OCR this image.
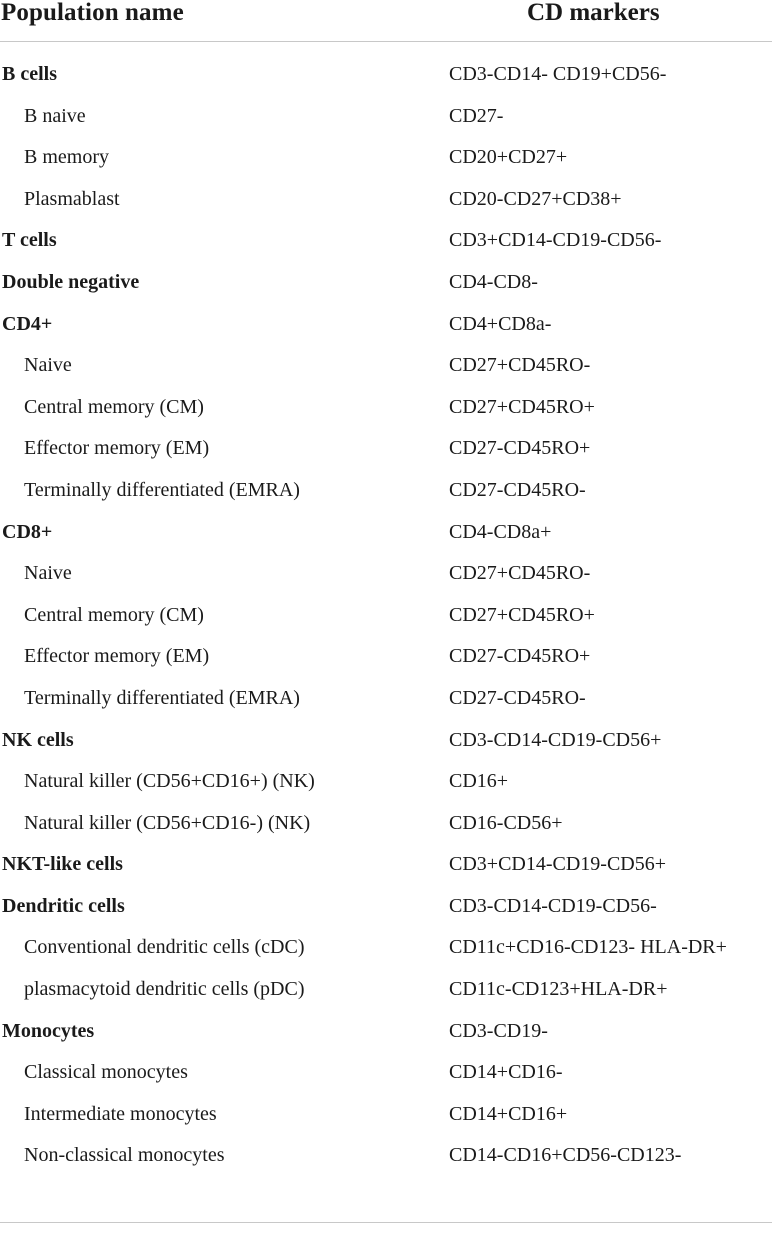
Population name	CD markers
B cells	CD3-CD14- CD19+CD56-
B naive	CD27-
B memory	CD20+CD27+
Plasmablast	CD20-CD27+CD38+
T cells	CD3+CD14-CD19-CD56-
Double negative	CD4-CD8-
CD4+	CD4+CD8a-
Naive	CD27+CD45RO-
Central memory (CM)	CD27+CD45RO+
Effector memory (EM)	CD27-CD45RO+
Terminally differentiated (EMRA)	CD27-CD45RO-
CD8+	CD4-CD8a+
Naive	CD27+CD45RO-
Central memory (CM)	CD27+CD45RO+
Effector memory (EM)	CD27-CD45RO+
Terminally differentiated (EMRA)	CD27-CD45RO-
NK cells	CD3-CD14-CD19-CD56+
Natural killer (CD56+CD16+) (NK)	CD16+
Natural killer (CD56+CD16-) (NK)	CD16-CD56+
NKT-like cells	CD3+CD14-CD19-CD56+
Dendritic cells	CD3-CD14-CD19-CD56-
Conventional dendritic cells (cDC)	CD11c+CD16-CD123- HLA-DR+
plasmacytoid dendritic cells (pDC)	CD11c-CD123+HLA-DR+
Monocytes	CD3-CD19-
Classical monocytes	CD14+CD16-
Intermediate monocytes	CD14+CD16+
Non-classical monocytes	CD14-CD16+CD56-CD123-
